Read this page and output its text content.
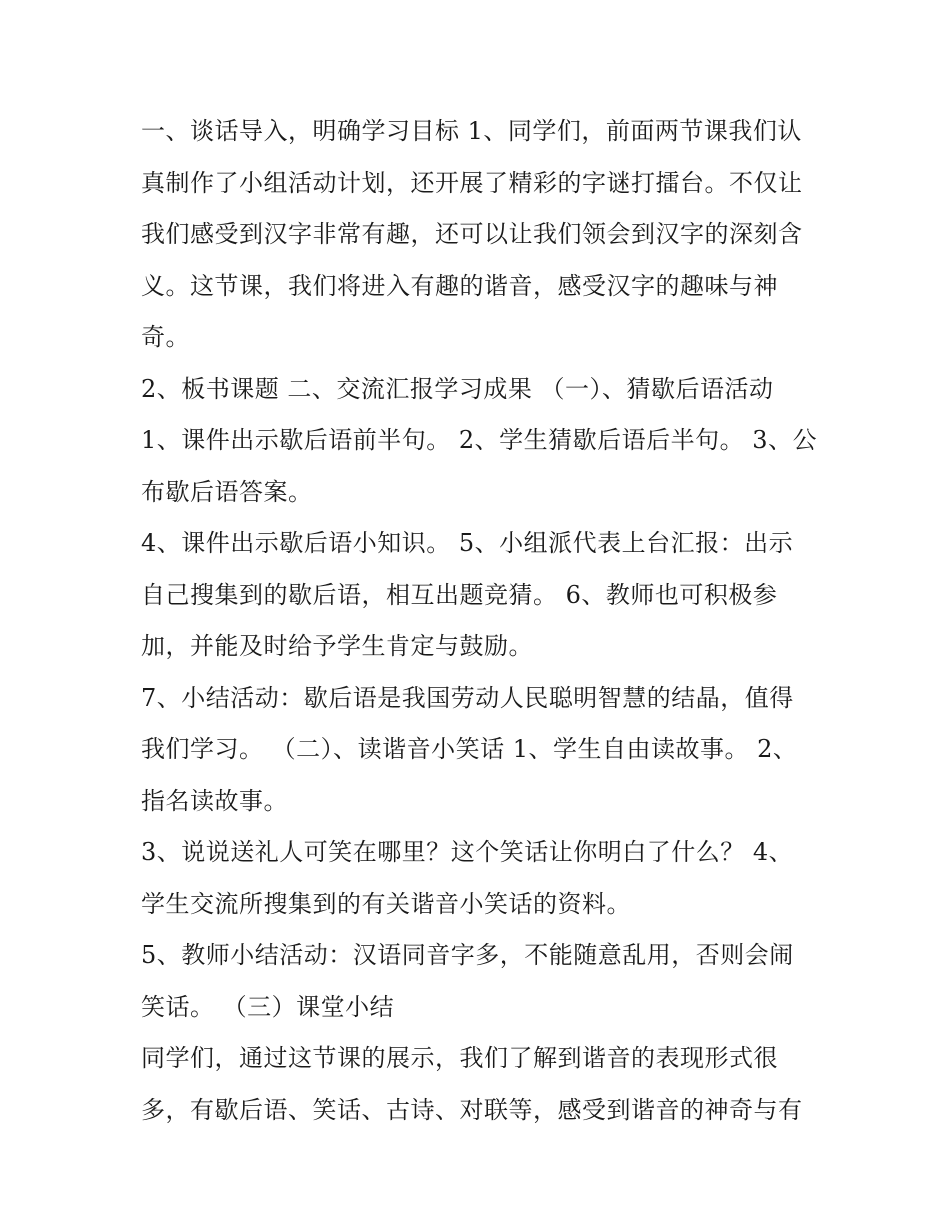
一、谈话导入，明确学习目标 1、同学们，前面两节课我们认
真制作了小组活动计划，还开展了精彩的字谜打擂台。不仅让
我们感受到汉字非常有趣，还可以让我们领会到汉字的深刻含
义。这节课，我们将进入有趣的谐音，感受汉字的趣味与神
奇。
2、板书课题 二、交流汇报学习成果 （一）、猜歇后语活动
1、课件出示歇后语前半句。 2、学生猜歇后语后半句。 3、公
布歇后语答案。
4、课件出示歇后语小知识。 5、小组派代表上台汇报：出示
自己搜集到的歇后语，相互出题竞猜。 6、教师也可积极参
加，并能及时给予学生肯定与鼓励。
7、小结活动：歇后语是我国劳动人民聪明智慧的结晶，值得
我们学习。 （二）、读谐音小笑话 1、学生自由读故事。 2、
指名读故事。
3、说说送礼人可笑在哪里？这个笑话让你明白了什么？ 4、
学生交流所搜集到的有关谐音小笑话的资料。
5、教师小结活动：汉语同音字多，不能随意乱用，否则会闹
笑话。 （三）课堂小结
同学们，通过这节课的展示，我们了解到谐音的表现形式很
多，有歇后语、笑话、古诗、对联等，感受到谐音的神奇与有
